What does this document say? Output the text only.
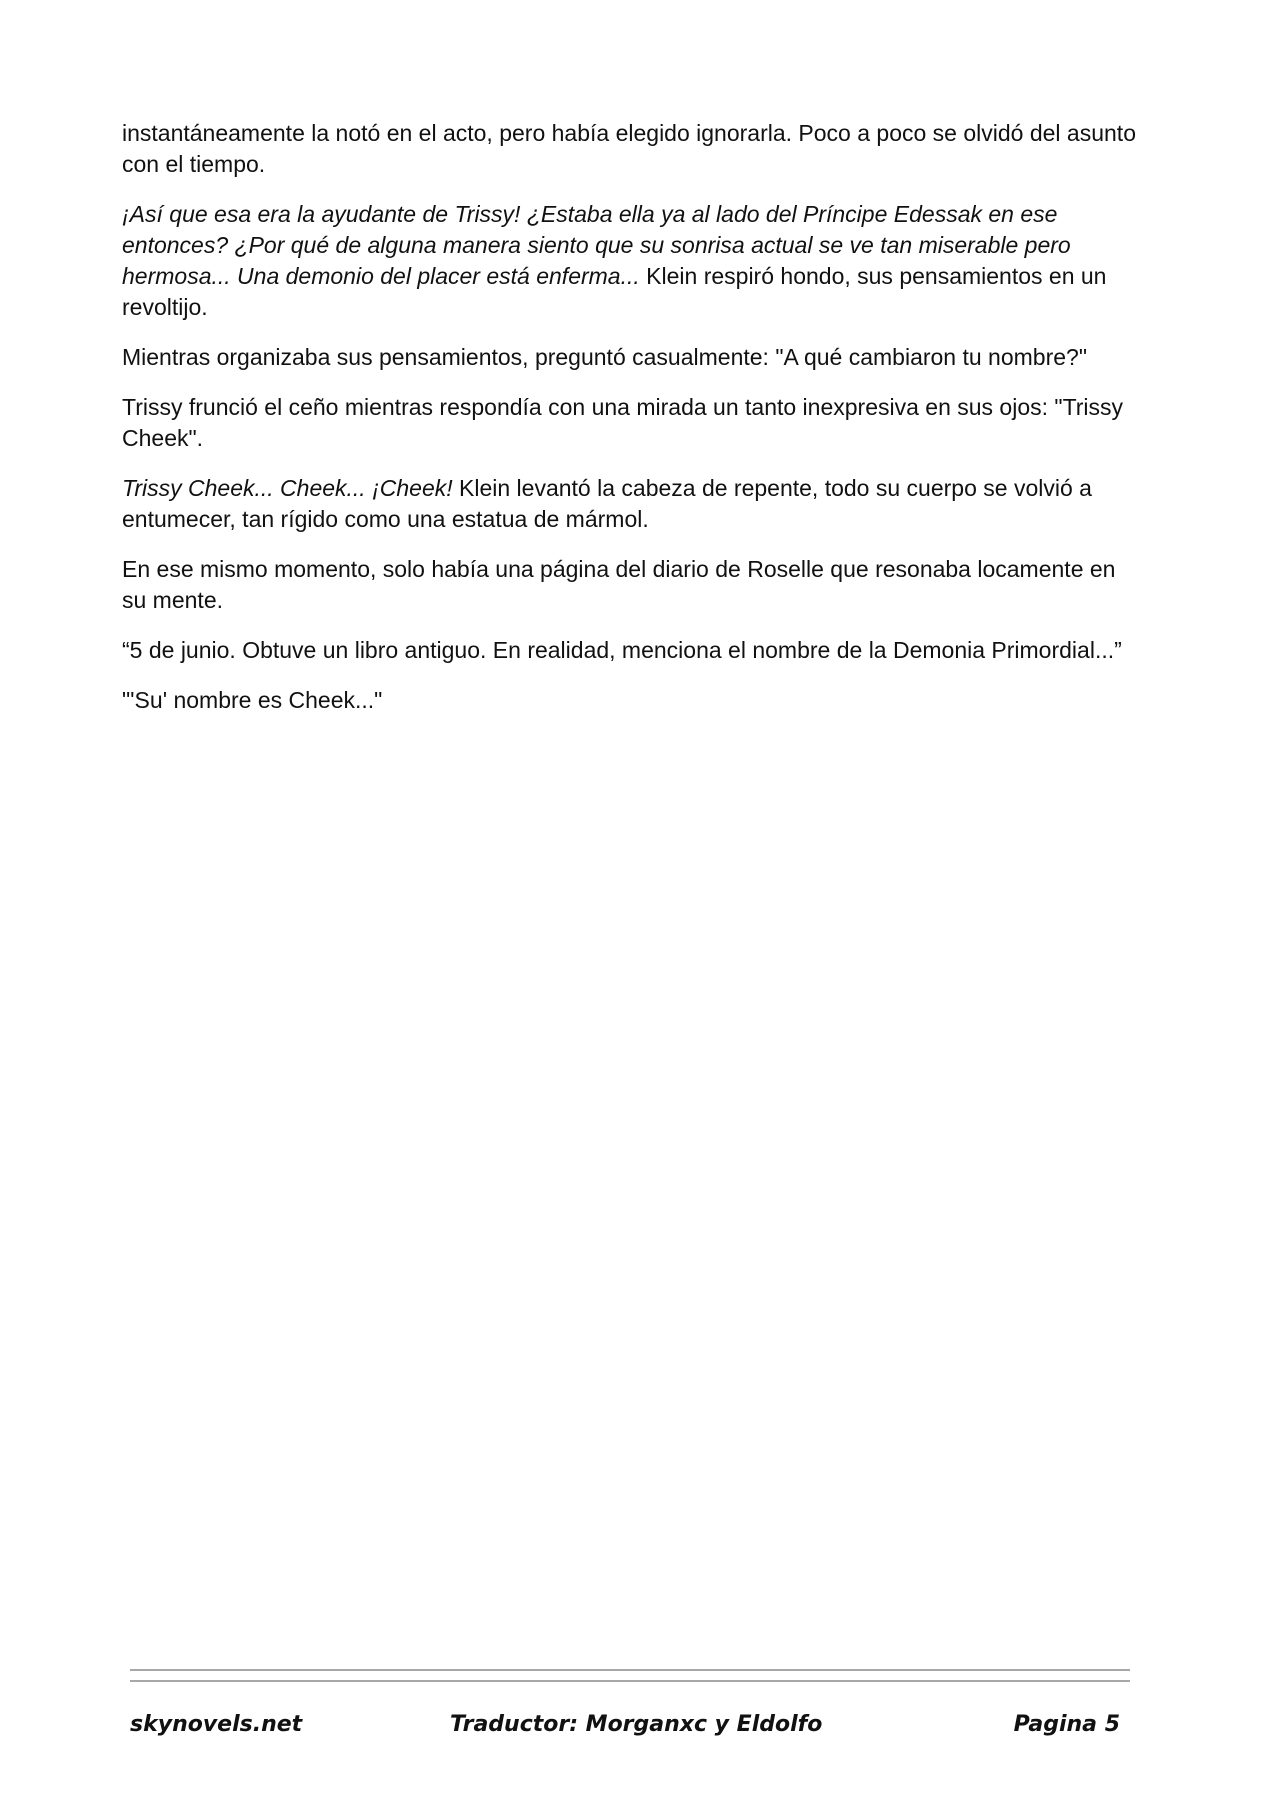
instantáneamente la notó en el acto, pero había elegido ignorarla. Poco a poco se olvidó del asunto con el tiempo.

¡Así que esa era la ayudante de Trissy! ¿Estaba ella ya al lado del Príncipe Edessak en ese entonces? ¿Por qué de alguna manera siento que su sonrisa actual se ve tan miserable pero hermosa... Una demonio del placer está enferma... Klein respiró hondo, sus pensamientos en un revoltijo.

Mientras organizaba sus pensamientos, preguntó casualmente: "A qué cambiaron tu nombre?"

Trissy frunció el ceño mientras respondía con una mirada un tanto inexpresiva en sus ojos: "Trissy Cheek".

Trissy Cheek... Cheek... ¡Cheek! Klein levantó la cabeza de repente, todo su cuerpo se volvió a entumecer, tan rígido como una estatua de mármol.

En ese mismo momento, solo había una página del diario de Roselle que resonaba locamente en su mente.

“5 de junio. Obtuve un libro antiguo. En realidad, menciona el nombre de la Demonia Primordial...”

"'Su' nombre es Cheek..."

skynovels.net	Traductor: Morganxc y Eldolfo	Pagina 5
